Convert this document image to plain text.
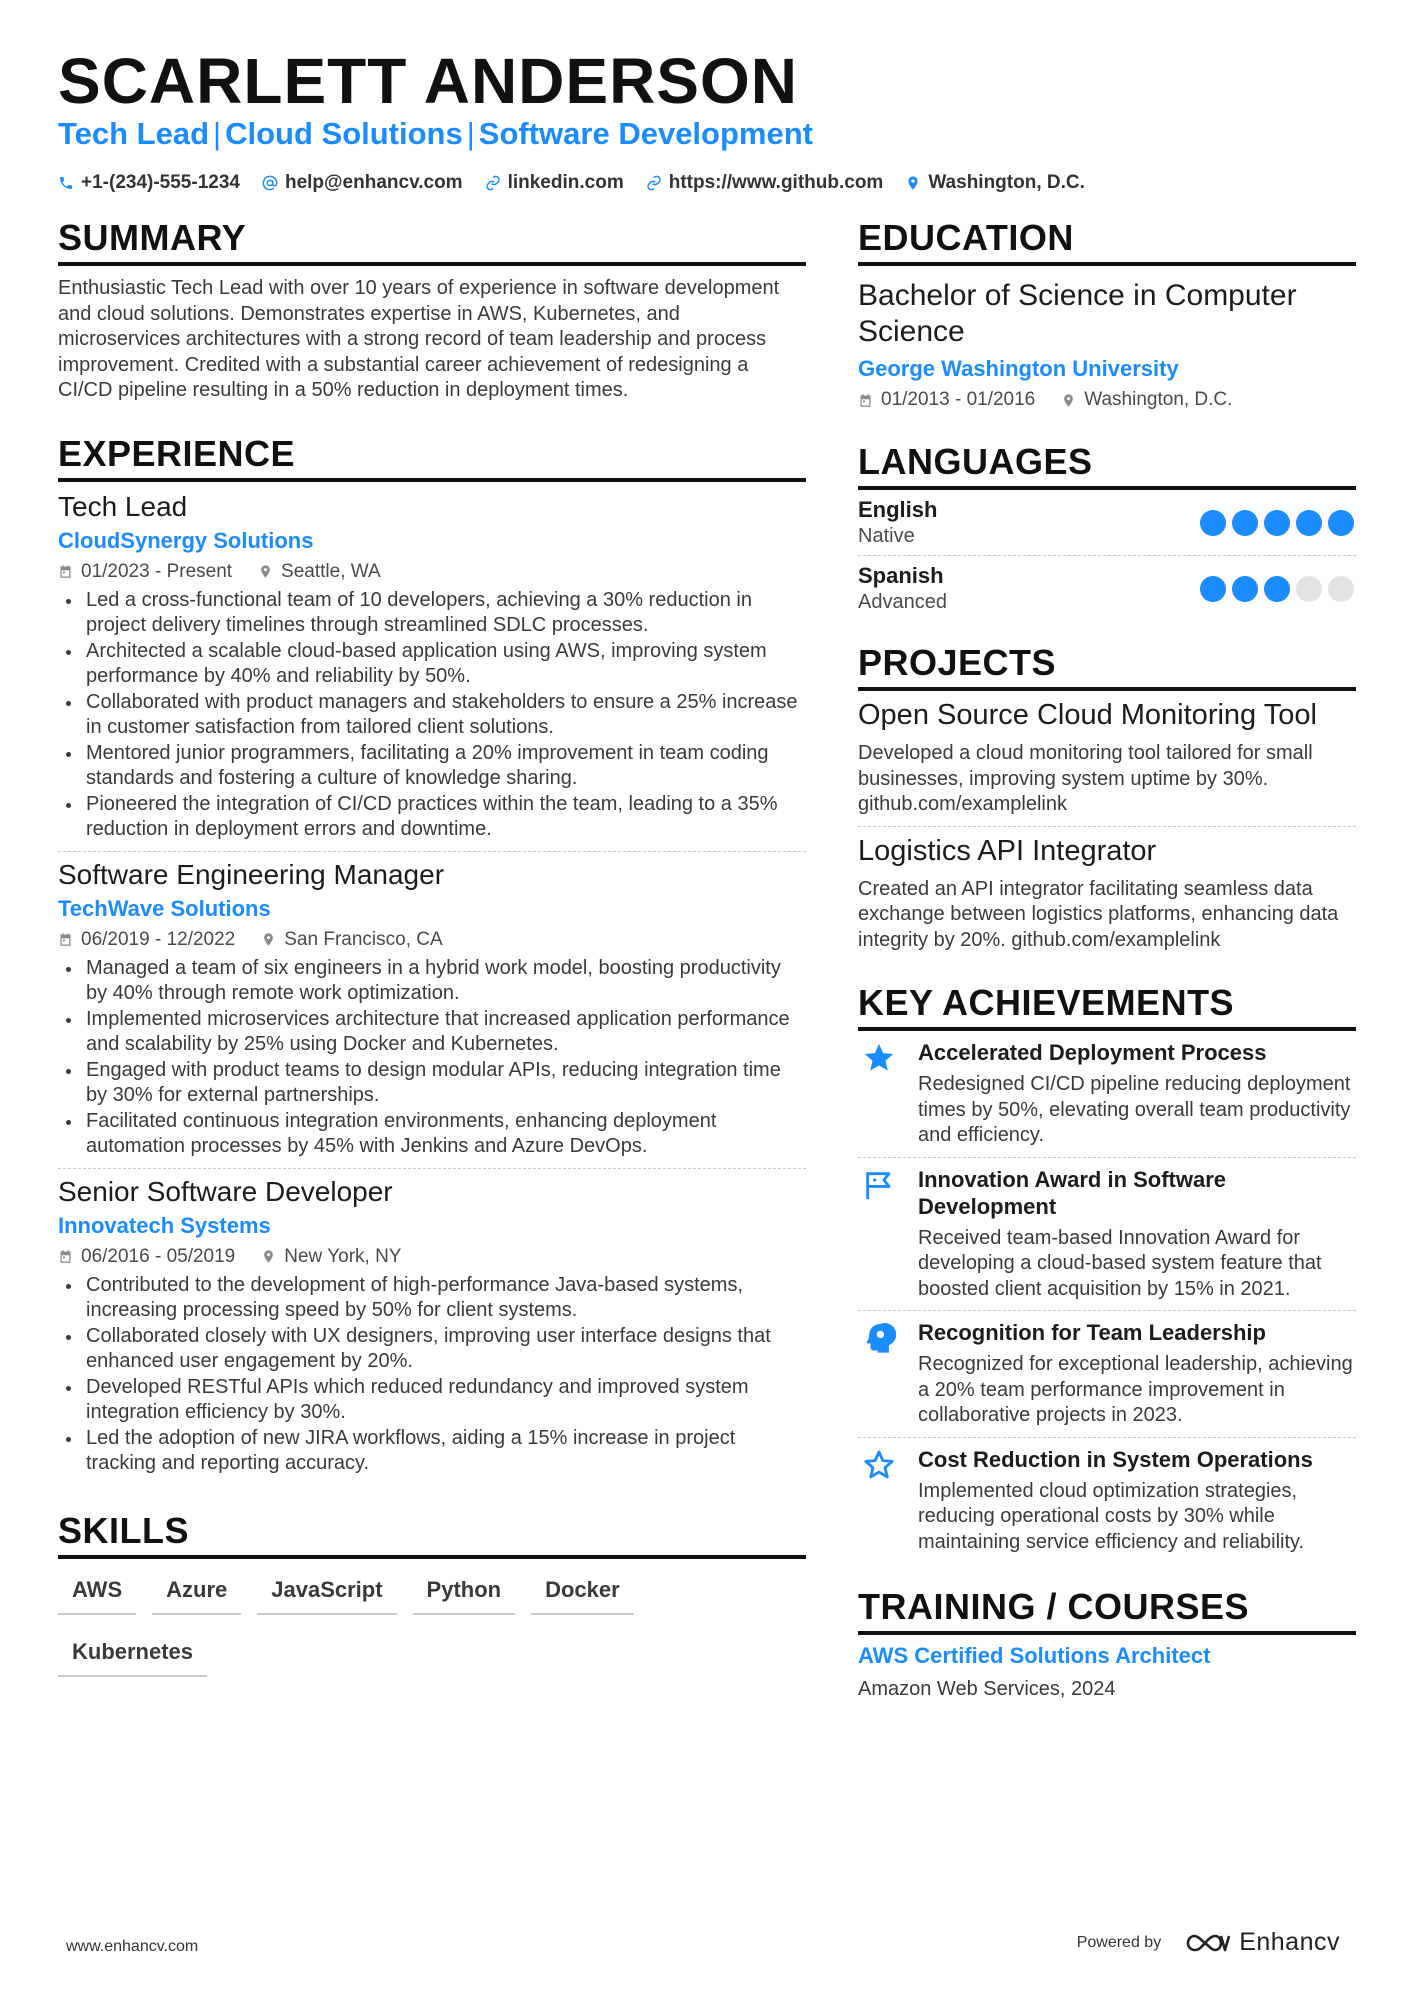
SCARLETT ANDERSON
Tech Lead | Cloud Solutions | Software Development
+1-(234)-555-1234 help@enhancv.com linkedin.com https://www.github.com Washington, D.C.
SUMMARY
Enthusiastic Tech Lead with over 10 years of experience in software development and cloud solutions. Demonstrates expertise in AWS, Kubernetes, and microservices architectures with a strong record of team leadership and process improvement. Credited with a substantial career achievement of redesigning a CI/CD pipeline resulting in a 50% reduction in deployment times.
EXPERIENCE
Tech Lead
CloudSynergy Solutions
01/2023 - Present	Seattle, WA
Led a cross-functional team of 10 developers, achieving a 30% reduction in project delivery timelines through streamlined SDLC processes.
Architected a scalable cloud-based application using AWS, improving system performance by 40% and reliability by 50%.
Collaborated with product managers and stakeholders to ensure a 25% increase in customer satisfaction from tailored client solutions.
Mentored junior programmers, facilitating a 20% improvement in team coding standards and fostering a culture of knowledge sharing.
Pioneered the integration of CI/CD practices within the team, leading to a 35% reduction in deployment errors and downtime.
Software Engineering Manager
TechWave Solutions
06/2019 - 12/2022	San Francisco, CA
Managed a team of six engineers in a hybrid work model, boosting productivity by 40% through remote work optimization.
Implemented microservices architecture that increased application performance and scalability by 25% using Docker and Kubernetes.
Engaged with product teams to design modular APIs, reducing integration time by 30% for external partnerships.
Facilitated continuous integration environments, enhancing deployment automation processes by 45% with Jenkins and Azure DevOps.
Senior Software Developer
Innovatech Systems
06/2016 - 05/2019	New York, NY
Contributed to the development of high-performance Java-based systems, increasing processing speed by 50% for client systems.
Collaborated closely with UX designers, improving user interface designs that enhanced user engagement by 20%.
Developed RESTful APIs which reduced redundancy and improved system integration efficiency by 30%.
Led the adoption of new JIRA workflows, aiding a 15% increase in project tracking and reporting accuracy.
SKILLS
AWS	Azure	JavaScript	Python	Docker
Kubernetes
EDUCATION
Bachelor of Science in Computer Science
George Washington University
01/2013 - 01/2016	Washington, D.C.
LANGUAGES
English
Native
Spanish
Advanced
PROJECTS
Open Source Cloud Monitoring Tool
Developed a cloud monitoring tool tailored for small businesses, improving system uptime by 30%. github.com/examplelink
Logistics API Integrator
Created an API integrator facilitating seamless data exchange between logistics platforms, enhancing data integrity by 20%. github.com/examplelink
KEY ACHIEVEMENTS
Accelerated Deployment Process
Redesigned CI/CD pipeline reducing deployment times by 50%, elevating overall team productivity and efficiency.
Innovation Award in Software Development
Received team-based Innovation Award for developing a cloud-based system feature that boosted client acquisition by 15% in 2021.
Recognition for Team Leadership
Recognized for exceptional leadership, achieving a 20% team performance improvement in collaborative projects in 2023.
Cost Reduction in System Operations
Implemented cloud optimization strategies, reducing operational costs by 30% while maintaining service efficiency and reliability.
TRAINING / COURSES
AWS Certified Solutions Architect
Amazon Web Services, 2024
www.enhancv.com	Powered by	Enhancv
